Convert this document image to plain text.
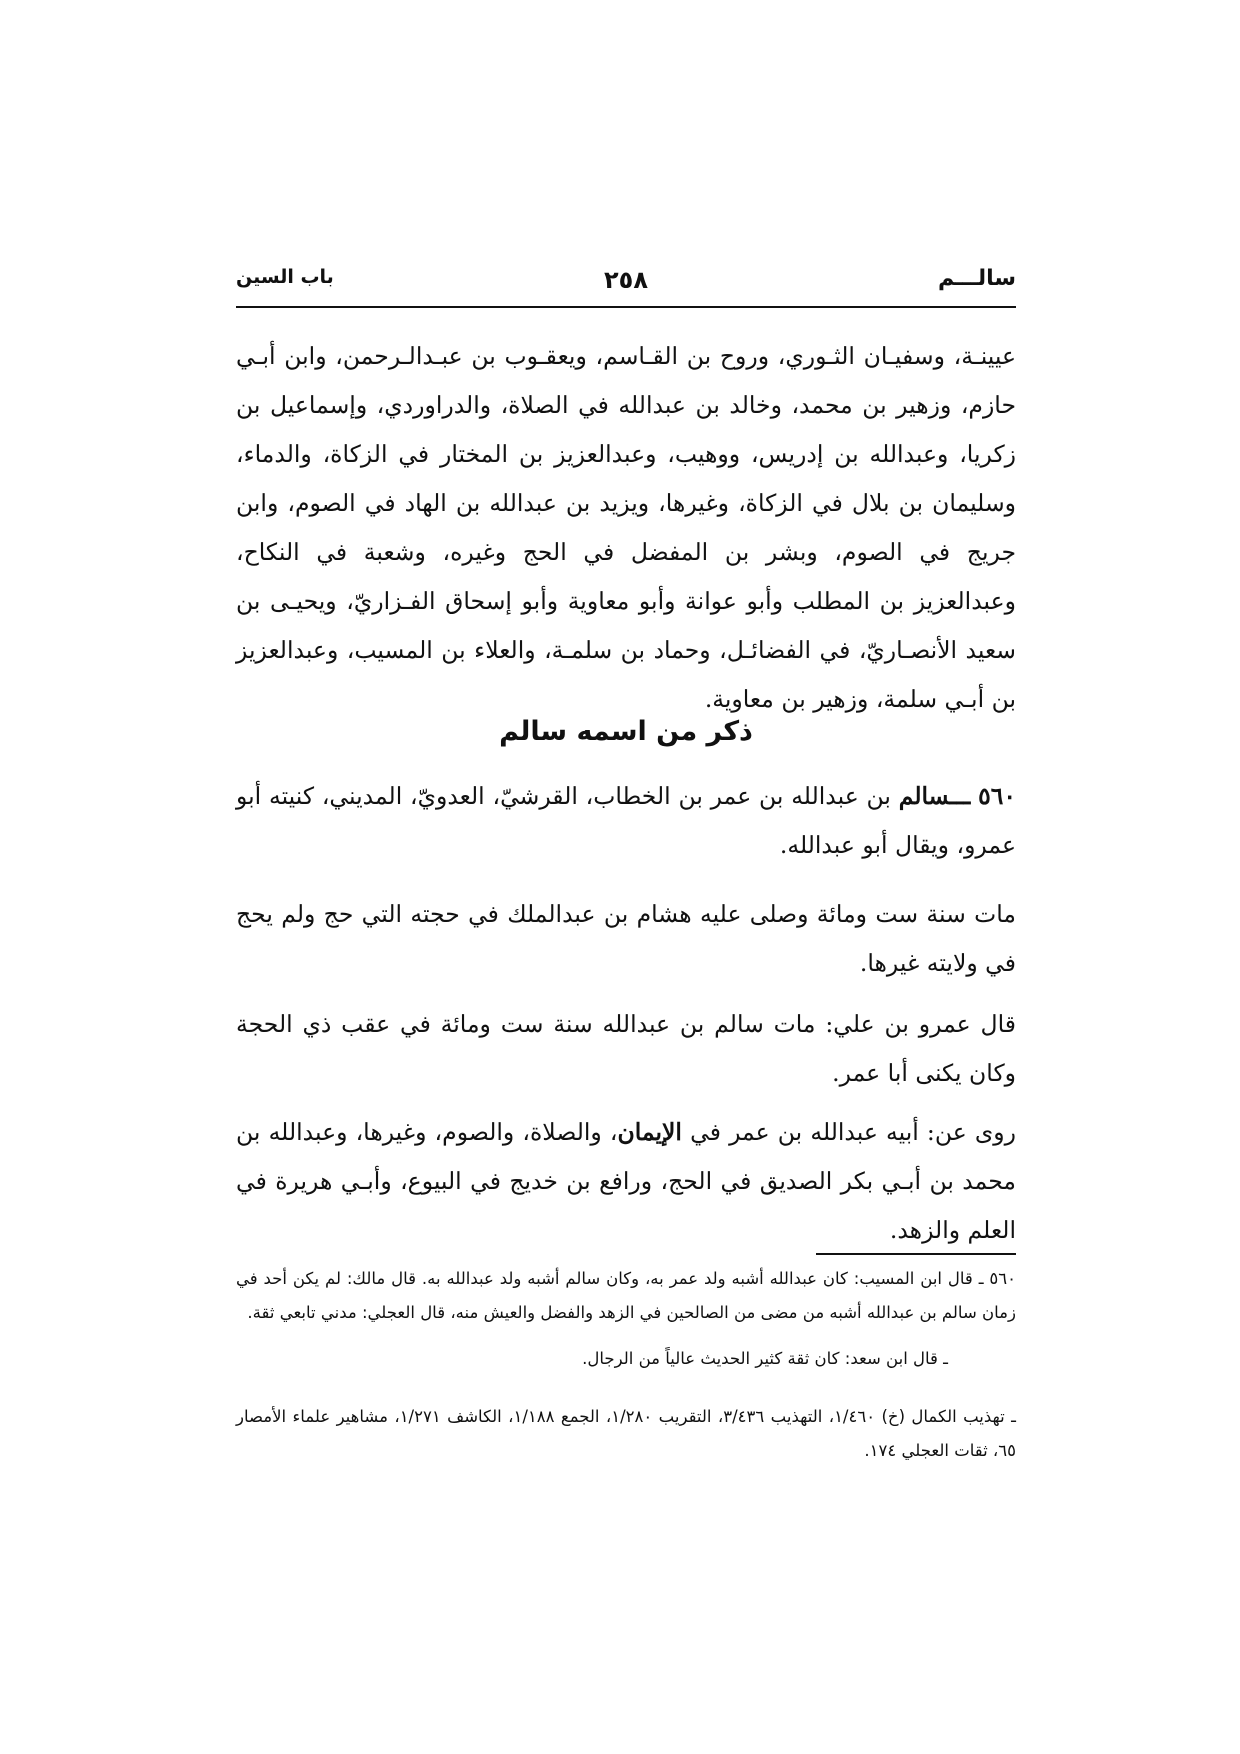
سالـــم
٢٥٨
باب السين

عيينـة، وسفيـان الثـوري، وروح بن القـاسم، ويعقـوب بن عبـدالـرحمن، وابن أبـي حازم، وزهير بن محمد، وخالد بن عبدالله في الصلاة، والدراوردي، وإسماعيل بن زكريا، وعبدالله بن إدريس، ووهيب، وعبدالعزيز بن المختار في الزكاة، والدماء، وسليمان بن بلال في الزكاة، وغيرها، ويزيد بن عبدالله بن الهاد في الصوم، وابن جريج في الصوم، وبشر بن المفضل في الحج وغيره، وشعبة في النكاح، وعبدالعزيز بن المطلب وأبو عوانة وأبو معاوية وأبو إسحاق الفـزاريّ، ويحيـى بن سعيد الأنصـاريّ، في الفضائـل، وحماد بن سلمـة، والعلاء بن المسيب، وعبدالعزيز بن أبـي سلمة، وزهير بن معاوية.

ذكر من اسمه سالم

٥٦٠ ـــسالم بن عبدالله بن عمر بن الخطاب، القرشيّ، العدويّ، المديني، كنيته أبو عمرو، ويقال أبو عبدالله.

مات سنة ست ومائة وصلى عليه هشام بن عبدالملك في حجته التي حج ولم يحج في ولايته غيرها.

قال عمرو بن علي: مات سالم بن عبدالله سنة ست ومائة في عقب ذي الحجة وكان يكنى أبا عمر.

روى عن: أبيه عبدالله بن عمر في الإيمان، والصلاة، والصوم، وغيرها، وعبدالله بن محمد بن أبـي بكر الصديق في الحج، ورافع بن خديج في البيوع، وأبـي هريرة في العلم والزهد.

٥٦٠ ـ قال ابن المسيب: كان عبدالله أشبه ولد عمر به، وكان سالم أشبه ولد عبدالله به. قال مالك: لم يكن أحد في زمان سالم بن عبدالله أشبه من مضى من الصالحين في الزهد والفضل والعيش منه، قال العجلي: مدني تابعي ثقة.
ـ قال ابن سعد: كان ثقة كثير الحديث عالياً من الرجال.
ـ تهذيب الكمال (خ) ١/٤٦٠، التهذيب ٣/٤٣٦، التقريب ١/٢٨٠، الجمع ١/١٨٨، الكاشف ١/٢٧١، مشاهير علماء الأمصار ٦٥، ثقات العجلي ١٧٤.
